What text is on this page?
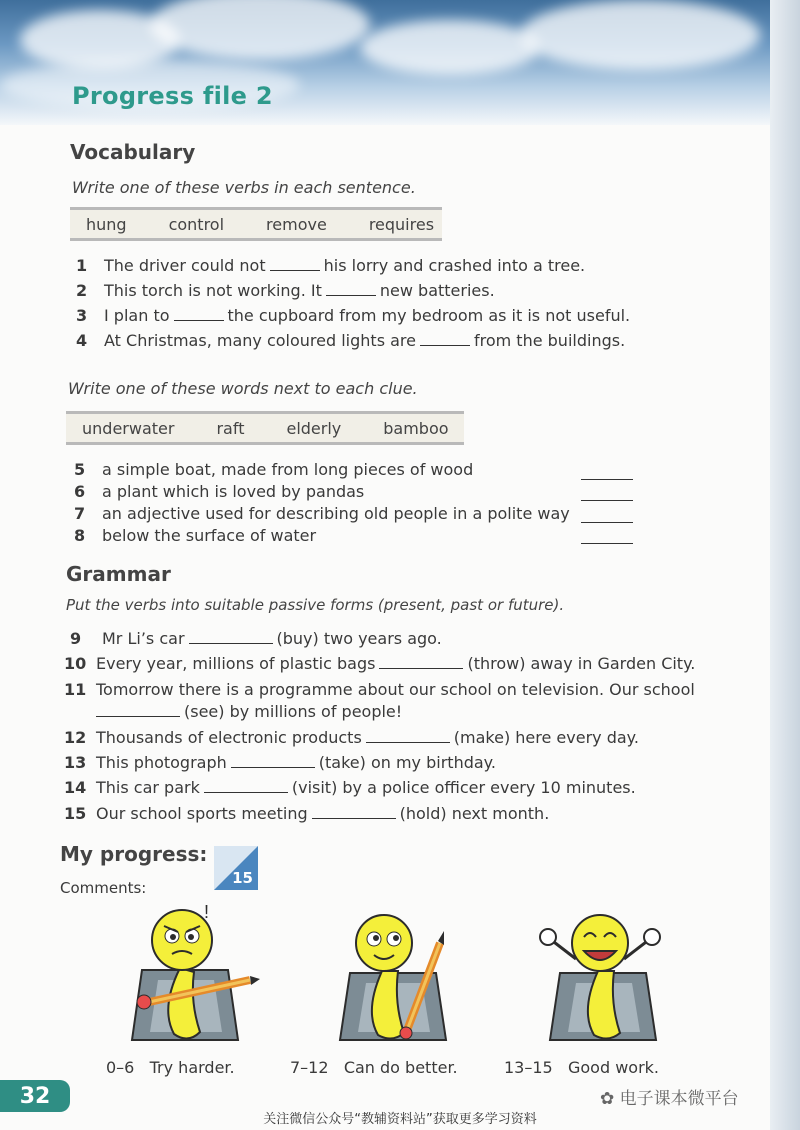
Progress file 2
Vocabulary
Write one of these verbs in each sentence.
hung	control	remove	requires
1 The driver could not	his lorry and crashed into a tree.
2 This torch is not working. It	new batteries.
3 I plan to	the cupboard from my bedroom as it is not useful.
4 At Christmas, many coloured lights are	from the buildings.
Write one of these words next to each clue.
underwater	raft	elderly	bamboo
5 a simple boat, made from long pieces of wood
6 a plant which is loved by pandas
7 an adjective used for describing old people in a polite way
8 below the surface of water
Grammar
Put the verbs into suitable passive forms (present, past or future).
9 Mr Li’s car	(buy) two years ago.
10 Every year, millions of plastic bags	(throw) away in Garden City.
11 Tomorrow there is a programme about our school on television. Our school
(see) by millions of people!
12 Thousands of electronic products	(make) here every day.
13 This photograph	(take) on my birthday.
14 This car park	(visit) by a police officer every 10 minutes.
15 Our school sports meeting	(hold) next month.
My progress:
Comments:
15
!
0–6 Try harder.	7–12 Can do better.	13–15 Good work.
32	✿ 电子课本微平台
关注微信公众号“教辅资料站”获取更多学习资料
